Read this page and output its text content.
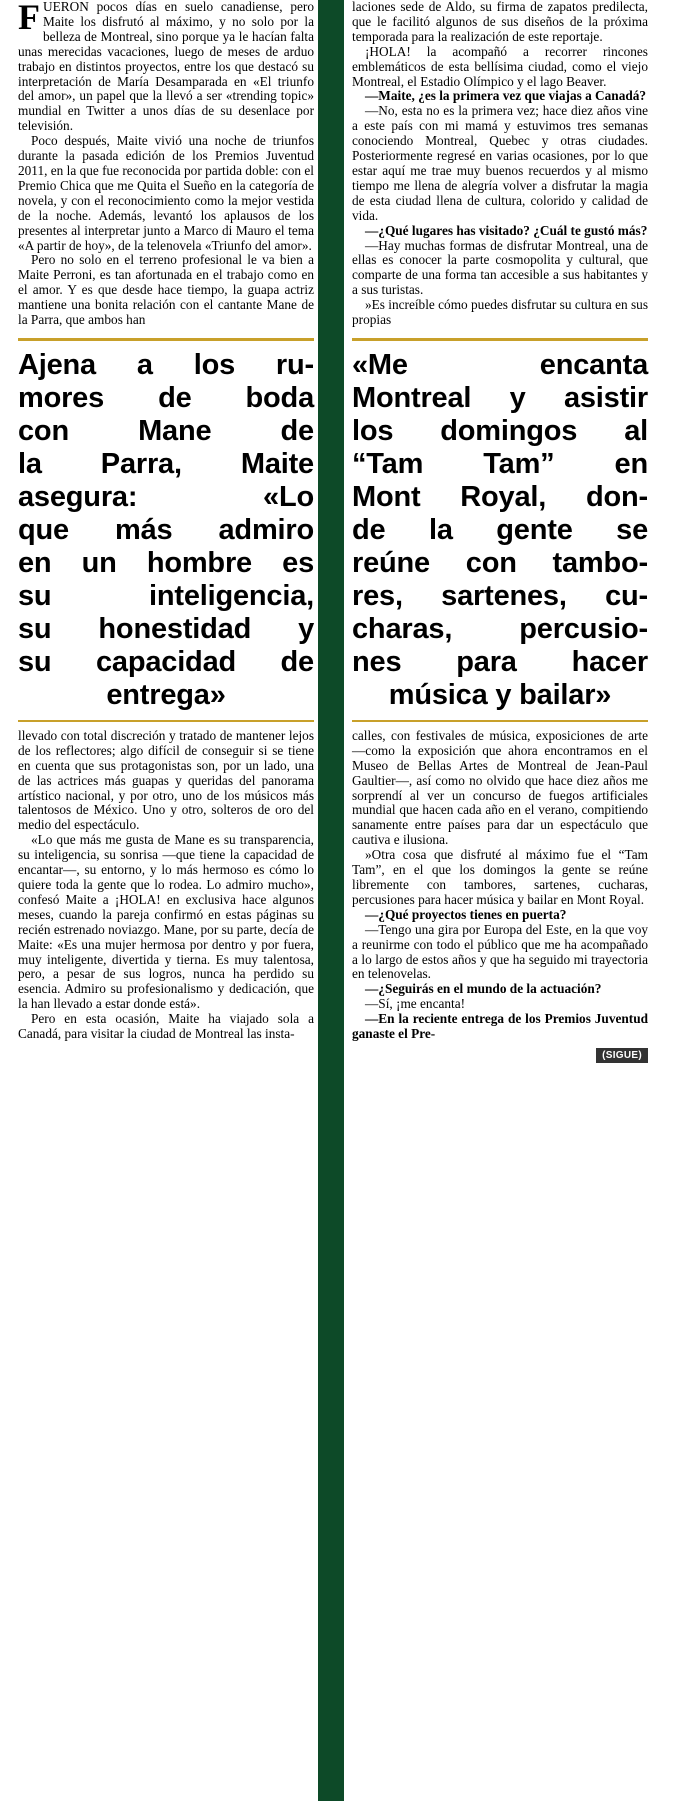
FUERON pocos días en suelo canadiense, pero Maite los disfrutó al máximo, y no solo por la belleza de Montreal, sino porque ya le hacían falta unas merecidas vacaciones, luego de meses de arduo trabajo en distintos proyectos, entre los que destacó su interpretación de María Desamparada en «El triunfo del amor», un papel que la llevó a ser «trending topic» mundial en Twitter a unos días de su desenlace por televisión.

Poco después, Maite vivió una noche de triunfos durante la pasada edición de los Premios Juventud 2011, en la que fue reconocida por partida doble: con el Premio Chica que me Quita el Sueño en la categoría de novela, y con el reconocimiento como la mejor vestida de la noche. Además, levantó los aplausos de los presentes al interpretar junto a Marco di Mauro el tema «A partir de hoy», de la telenovela «Triunfo del amor».

Pero no solo en el terreno profesional le va bien a Maite Perroni, es tan afortunada en el trabajo como en el amor. Y es que desde hace tiempo, la guapa actriz mantiene una bonita relación con el cantante Mane de la Parra, que ambos han

Ajena a los ru-
mores de boda
con Mane de
la Parra, Maite
asegura: «Lo
que más admiro
en un hombre es
su inteligencia,
su honestidad y
su capacidad de
entrega»

llevado con total discreción y tratado de mantener lejos de los reflectores; algo difícil de conseguir si se tiene en cuenta que sus protagonistas son, por un lado, una de las actrices más guapas y queridas del panorama artístico nacional, y por otro, uno de los músicos más talentosos de México. Uno y otro, solteros de oro del medio del espectáculo.

«Lo que más me gusta de Mane es su transparencia, su inteligencia, su sonrisa —que tiene la capacidad de encantar—, su entorno, y lo más hermoso es cómo lo quiere toda la gente que lo rodea. Lo admiro mucho», confesó Maite a ¡HOLA! en exclusiva hace algunos meses, cuando la pareja confirmó en estas páginas su recién estrenado noviazgo. Mane, por su parte, decía de Maite: «Es una mujer hermosa por dentro y por fuera, muy inteligente, divertida y tierna. Es muy talentosa, pero, a pesar de sus logros, nunca ha perdido su esencia. Admiro su profesionalismo y dedicación, que la han llevado a estar donde está».

Pero en esta ocasión, Maite ha viajado sola a Canadá, para visitar la ciudad de Montreal las insta-

laciones sede de Aldo, su firma de zapatos predilecta, que le facilitó algunos de sus diseños de la próxima temporada para la realización de este reportaje.

¡HOLA! la acompañó a recorrer rincones emblemáticos de esta bellísima ciudad, como el viejo Montreal, el Estadio Olímpico y el lago Beaver.

—Maite, ¿es la primera vez que viajas a Canadá?

—No, esta no es la primera vez; hace diez años vine a este país con mi mamá y estuvimos tres semanas conociendo Montreal, Quebec y otras ciudades. Posteriormente regresé en varias ocasiones, por lo que estar aquí me trae muy buenos recuerdos y al mismo tiempo me llena de alegría volver a disfrutar la magia de esta ciudad llena de cultura, colorido y calidad de vida.

—¿Qué lugares has visitado? ¿Cuál te gustó más?

—Hay muchas formas de disfrutar Montreal, una de ellas es conocer la parte cosmopolita y cultural, que comparte de una forma tan accesible a sus habitantes y a sus turistas.

»Es increíble cómo puedes disfrutar su cultura en sus propias

«Me encanta
Montreal y asistir
los domingos al
“Tam Tam” en
Mont Royal, don-
de la gente se
reúne con tambo-
res, sartenes, cu-
charas, percusio-
nes para hacer
música y bailar»

calles, con festivales de música, exposiciones de arte —como la exposición que ahora encontramos en el Museo de Bellas Artes de Montreal de Jean-Paul Gaultier—, así como no olvido que hace diez años me sorprendí al ver un concurso de fuegos artificiales mundial que hacen cada año en el verano, compitiendo sanamente entre países para dar un espectáculo que cautiva e ilusiona.

»Otra cosa que disfruté al máximo fue el “Tam Tam”, en el que los domingos la gente se reúne libremente con tambores, sartenes, cucharas, percusiones para hacer música y bailar en Mont Royal.

—¿Qué proyectos tienes en puerta?

—Tengo una gira por Europa del Este, en la que voy a reunirme con todo el público que me ha acompañado a lo largo de estos años y que ha seguido mi trayectoria en telenovelas.

—¿Seguirás en el mundo de la actuación?

—Sí, ¡me encanta!

—En la reciente entrega de los Premios Juventud ganaste el Pre-

(SIGUE)
